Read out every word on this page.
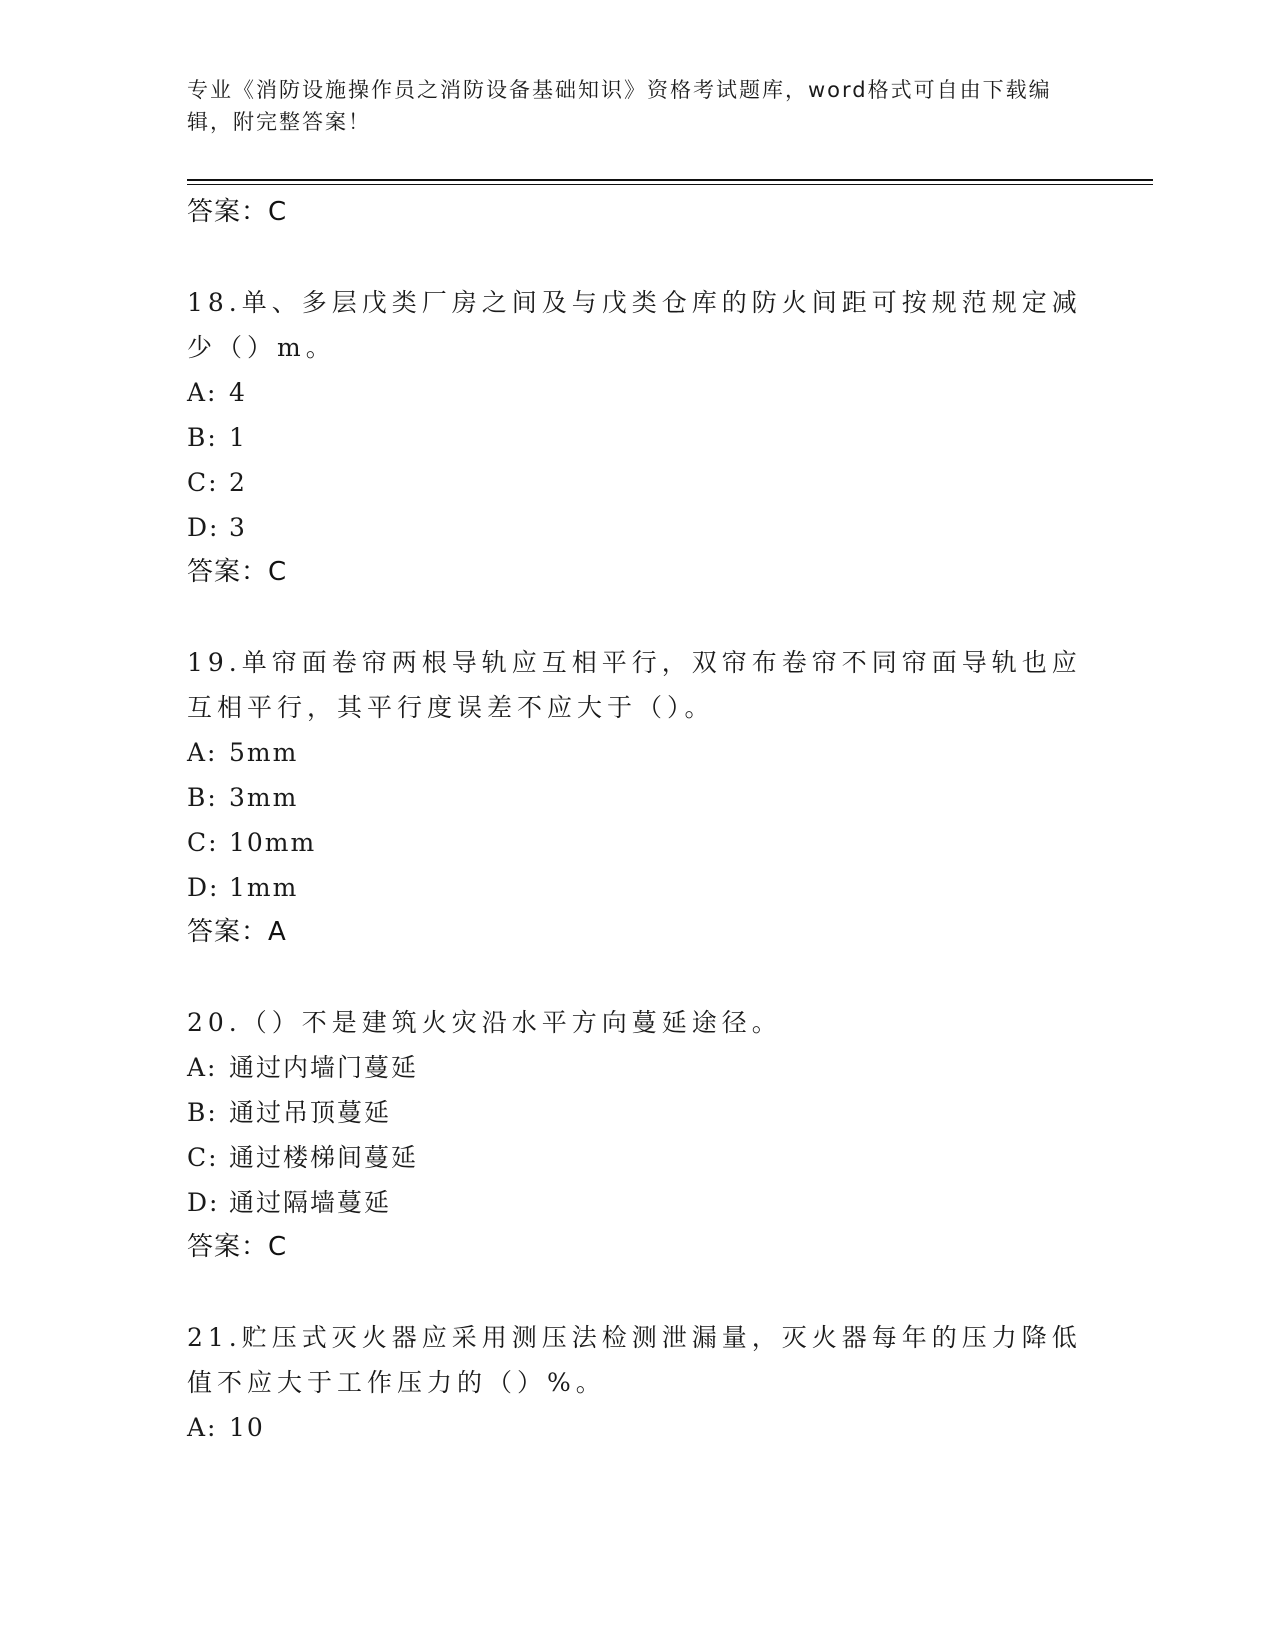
专业《消防设施操作员之消防设备基础知识》资格考试题库，word格式可自由下载编辑，附完整答案！
答案：C
18.单、多层戊类厂房之间及与戊类仓库的防火间距可按规范规定减少（）m。
A: 4
B: 1
C: 2
D: 3
答案：C
19.单帘面卷帘两根导轨应互相平行，双帘布卷帘不同帘面导轨也应互相平行，其平行度误差不应大于（）。
A: 5mm
B: 3mm
C: 10mm
D: 1mm
答案：A
20.（）不是建筑火灾沿水平方向蔓延途径。
A: 通过内墙门蔓延
B: 通过吊顶蔓延
C: 通过楼梯间蔓延
D: 通过隔墙蔓延
答案：C
21.贮压式灭火器应采用测压法检测泄漏量，灭火器每年的压力降低值不应大于工作压力的（）%。
A: 10
